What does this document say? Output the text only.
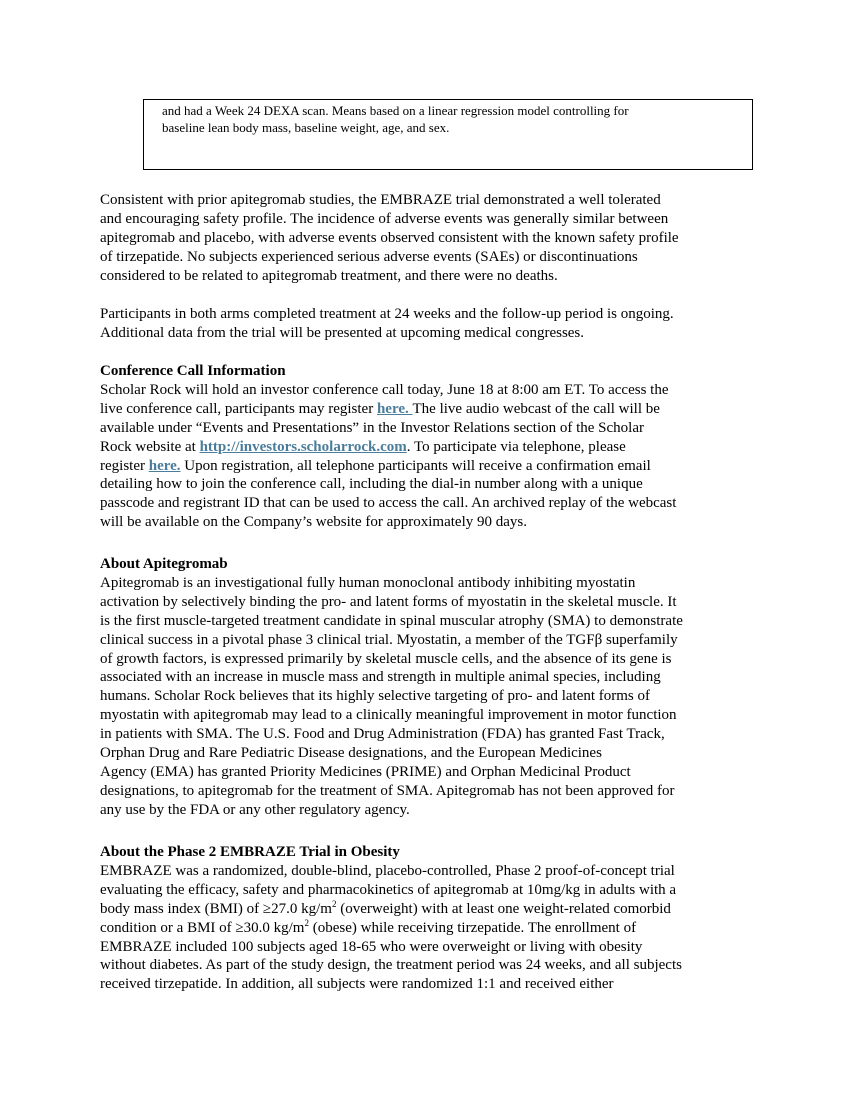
and had a Week 24 DEXA scan. Means based on a linear regression model controlling for
baseline lean body mass, baseline weight, age, and sex.
Consistent with prior apitegromab studies, the EMBRAZE trial demonstrated a well tolerated
and encouraging safety profile. The incidence of adverse events was generally similar between
apitegromab and placebo, with adverse events observed consistent with the known safety profile
of tirzepatide. No subjects experienced serious adverse events (SAEs) or discontinuations
considered to be related to apitegromab treatment, and there were no deaths.
Participants in both arms completed treatment at 24 weeks and the follow-up period is ongoing.
Additional data from the trial will be presented at upcoming medical congresses.
Conference Call Information
Scholar Rock will hold an investor conference call today, June 18 at 8:00 am ET. To access the
live conference call, participants may register here. The live audio webcast of the call will be
available under “Events and Presentations” in the Investor Relations section of the Scholar
Rock website at http://investors.scholarrock.com. To participate via telephone, please
register here. Upon registration, all telephone participants will receive a confirmation email
detailing how to join the conference call, including the dial-in number along with a unique
passcode and registrant ID that can be used to access the call. An archived replay of the webcast
will be available on the Company’s website for approximately 90 days.
About Apitegromab
Apitegromab is an investigational fully human monoclonal antibody inhibiting myostatin
activation by selectively binding the pro- and latent forms of myostatin in the skeletal muscle. It
is the first muscle-targeted treatment candidate in spinal muscular atrophy (SMA) to demonstrate
clinical success in a pivotal phase 3 clinical trial. Myostatin, a member of the TGFβ superfamily
of growth factors, is expressed primarily by skeletal muscle cells, and the absence of its gene is
associated with an increase in muscle mass and strength in multiple animal species, including
humans. Scholar Rock believes that its highly selective targeting of pro- and latent forms of
myostatin with apitegromab may lead to a clinically meaningful improvement in motor function
in patients with SMA. The U.S. Food and Drug Administration (FDA) has granted Fast Track,
Orphan Drug and Rare Pediatric Disease designations, and the European Medicines
Agency (EMA) has granted Priority Medicines (PRIME) and Orphan Medicinal Product
designations, to apitegromab for the treatment of SMA. Apitegromab has not been approved for
any use by the FDA or any other regulatory agency.
About the Phase 2 EMBRAZE Trial in Obesity
EMBRAZE was a randomized, double-blind, placebo-controlled, Phase 2 proof-of-concept trial
evaluating the efficacy, safety and pharmacokinetics of apitegromab at 10mg/kg in adults with a
body mass index (BMI) of ≥27.0 $kg/m^2$ (overweight) with at least one weight-related comorbid
condition or a BMI of ≥30.0 $kg/m^2$ (obese) while receiving tirzepatide. The enrollment of
EMBRAZE included 100 subjects aged 18-65 who were overweight or living with obesity
without diabetes. As part of the study design, the treatment period was 24 weeks, and all subjects
received tirzepatide. In addition, all subjects were randomized 1:1 and received either
